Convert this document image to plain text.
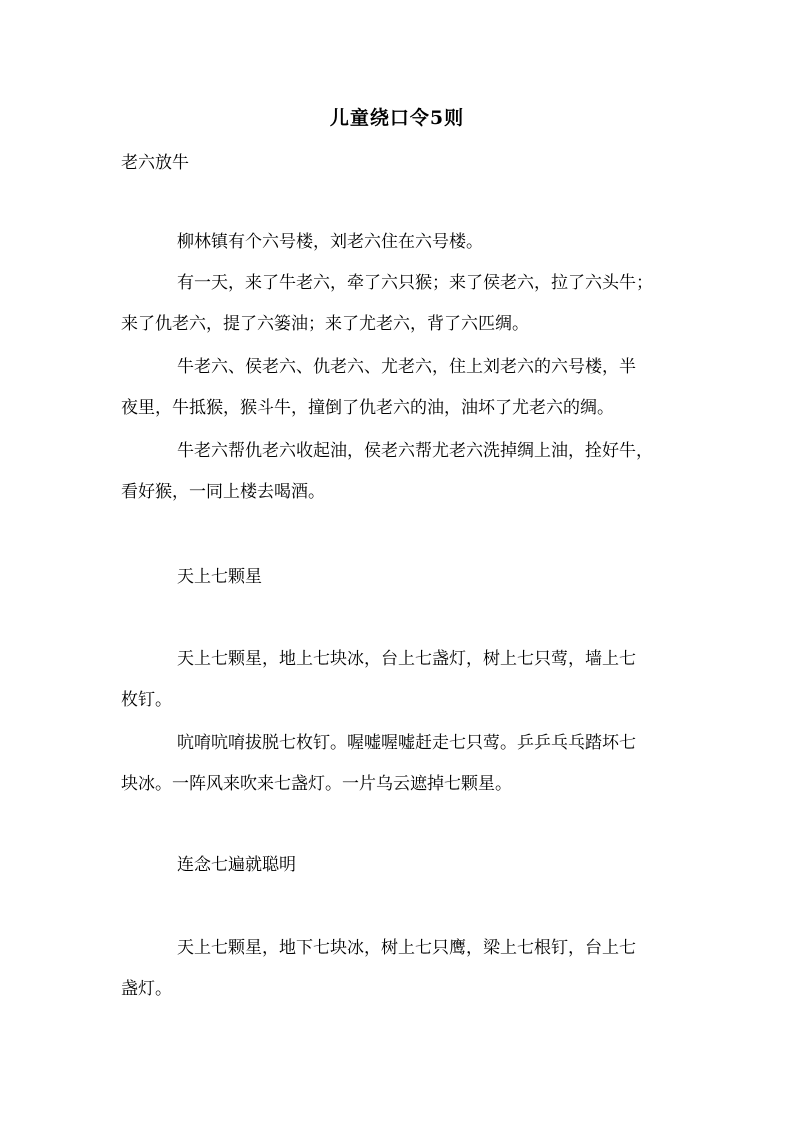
儿童绕口令5则
老六放牛
柳林镇有个六号楼，刘老六住在六号楼。
有一天，来了牛老六，牵了六只猴；来了侯老六，拉了六头牛；
来了仇老六，提了六篓油；来了尤老六，背了六匹绸。
牛老六、侯老六、仇老六、尤老六，住上刘老六的六号楼，半
夜里，牛抵猴，猴斗牛，撞倒了仇老六的油，油坏了尤老六的绸。
牛老六帮仇老六收起油，侯老六帮尤老六洗掉绸上油，拴好牛，
看好猴，一同上楼去喝酒。
天上七颗星
天上七颗星，地上七块冰，台上七盏灯，树上七只莺，墙上七
枚钉。
吭唷吭唷拔脱七枚钉。喔嘘喔嘘赶走七只莺。乒乒乓乓踏坏七
块冰。一阵风来吹来七盏灯。一片乌云遮掉七颗星。
连念七遍就聪明
天上七颗星，地下七块冰，树上七只鹰，梁上七根钉，台上七
盏灯。
